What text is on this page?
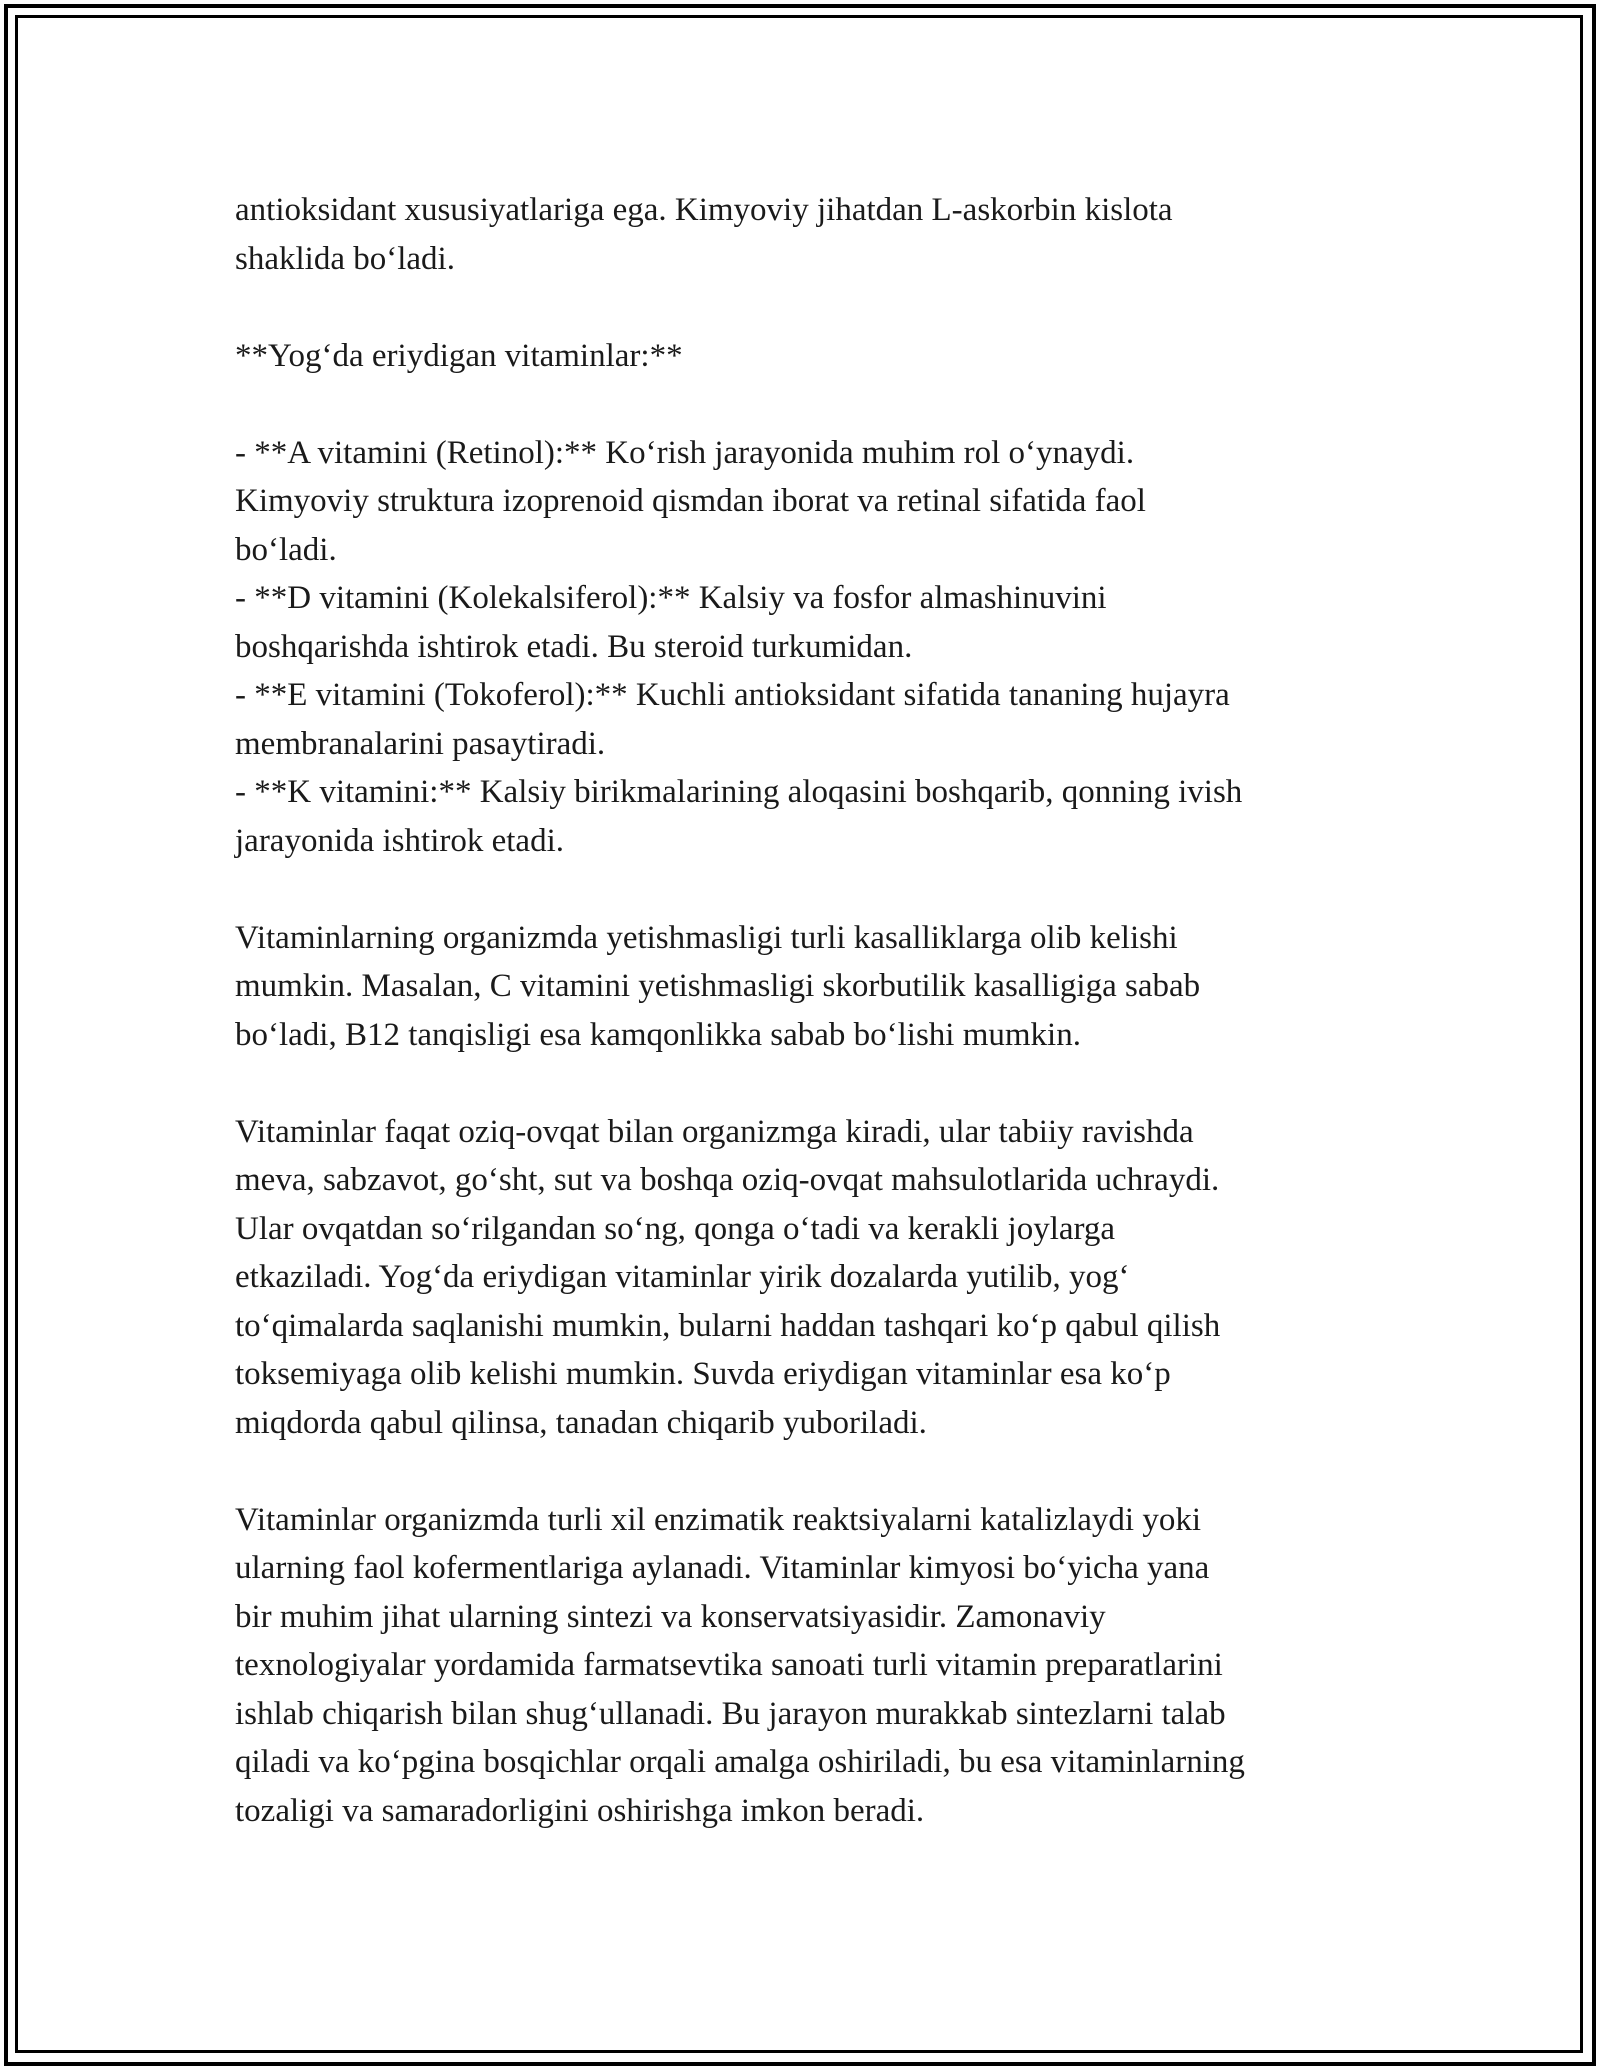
antioksidant xususiyatlariga ega. Kimyoviy jihatdan L-askorbin kislota
shaklida bo‘ladi.

**Yog‘da eriydigan vitaminlar:**

- **A vitamini (Retinol):** Ko‘rish jarayonida muhim rol o‘ynaydi.
Kimyoviy struktura izoprenoid qismdan iborat va retinal sifatida faol
bo‘ladi.
- **D vitamini (Kolekalsiferol):** Kalsiy va fosfor almashinuvini
boshqarishda ishtirok etadi. Bu steroid turkumidan.
- **E vitamini (Tokoferol):** Kuchli antioksidant sifatida tananing hujayra
membranalarini pasaytiradi.
- **K vitamini:** Kalsiy birikmalarining aloqasini boshqarib, qonning ivish
jarayonida ishtirok etadi.

Vitaminlarning organizmda yetishmasligi turli kasalliklarga olib kelishi
mumkin. Masalan, C vitamini yetishmasligi skorbutilik kasalligiga sabab
bo‘ladi, B12 tanqisligi esa kamqonlikka sabab bo‘lishi mumkin.

Vitaminlar faqat oziq-ovqat bilan organizmga kiradi, ular tabiiy ravishda
meva, sabzavot, go‘sht, sut va boshqa oziq-ovqat mahsulotlarida uchraydi.
Ular ovqatdan so‘rilgandan so‘ng, qonga o‘tadi va kerakli joylarga
etkaziladi. Yog‘da eriydigan vitaminlar yirik dozalarda yutilib, yog‘
to‘qimalarda saqlanishi mumkin, bularni haddan tashqari ko‘p qabul qilish
toksemiyaga olib kelishi mumkin. Suvda eriydigan vitaminlar esa ko‘p
miqdorda qabul qilinsa, tanadan chiqarib yuboriladi.

Vitaminlar organizmda turli xil enzimatik reaktsiyalarni katalizlaydi yoki
ularning faol kofermentlariga aylanadi. Vitaminlar kimyosi bo‘yicha yana
bir muhim jihat ularning sintezi va konservatsiyasidir. Zamonaviy
texnologiyalar yordamida farmatsevtika sanoati turli vitamin preparatlarini
ishlab chiqarish bilan shug‘ullanadi. Bu jarayon murakkab sintezlarni talab
qiladi va ko‘pgina bosqichlar orqali amalga oshiriladi, bu esa vitaminlarning
tozaligi va samaradorligini oshirishga imkon beradi.
